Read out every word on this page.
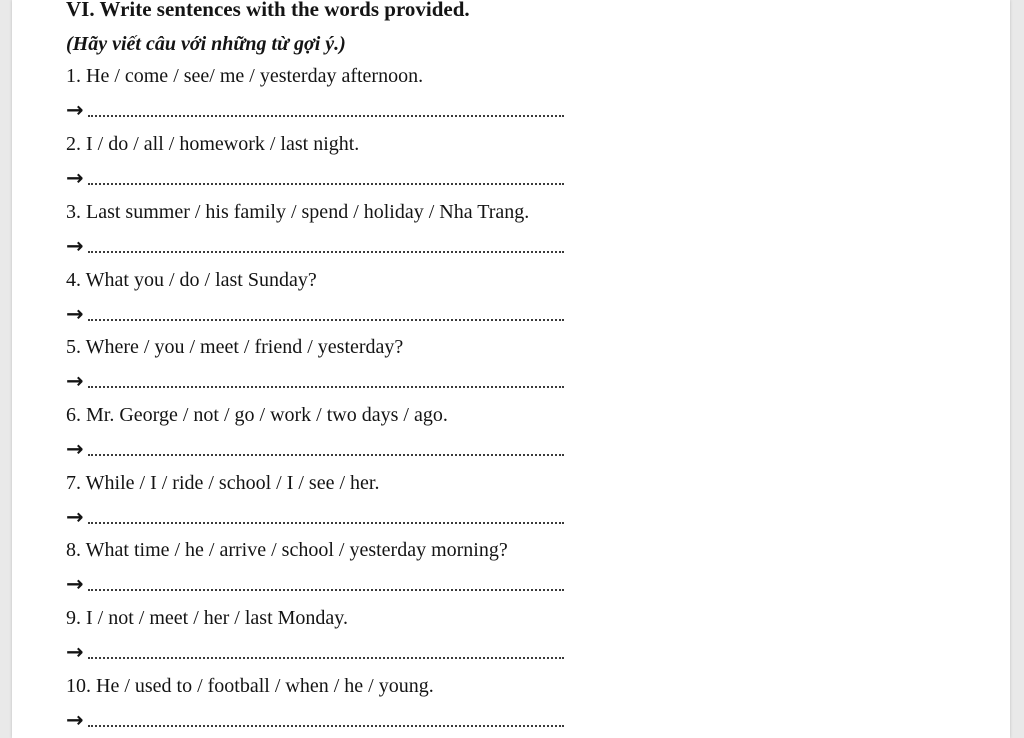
VI. Write sentences with the words provided.
(Hãy viết câu với những từ gợi ý.)

1. He / come / see/ me / yesterday afternoon.

→

2. I / do / all / homework / last night.

→

3. Last summer / his family / spend / holiday / Nha Trang.

→

4. What you / do / last Sunday?

→

5. Where / you / meet / friend / yesterday?

→

6. Mr. George / not / go / work / two days / ago.

→

7. While / I / ride / school / I / see / her.

→

8. What time / he / arrive / school / yesterday morning?

→

9. I / not / meet / her / last Monday.

→

10. He / used to / football / when / he / young.

→
